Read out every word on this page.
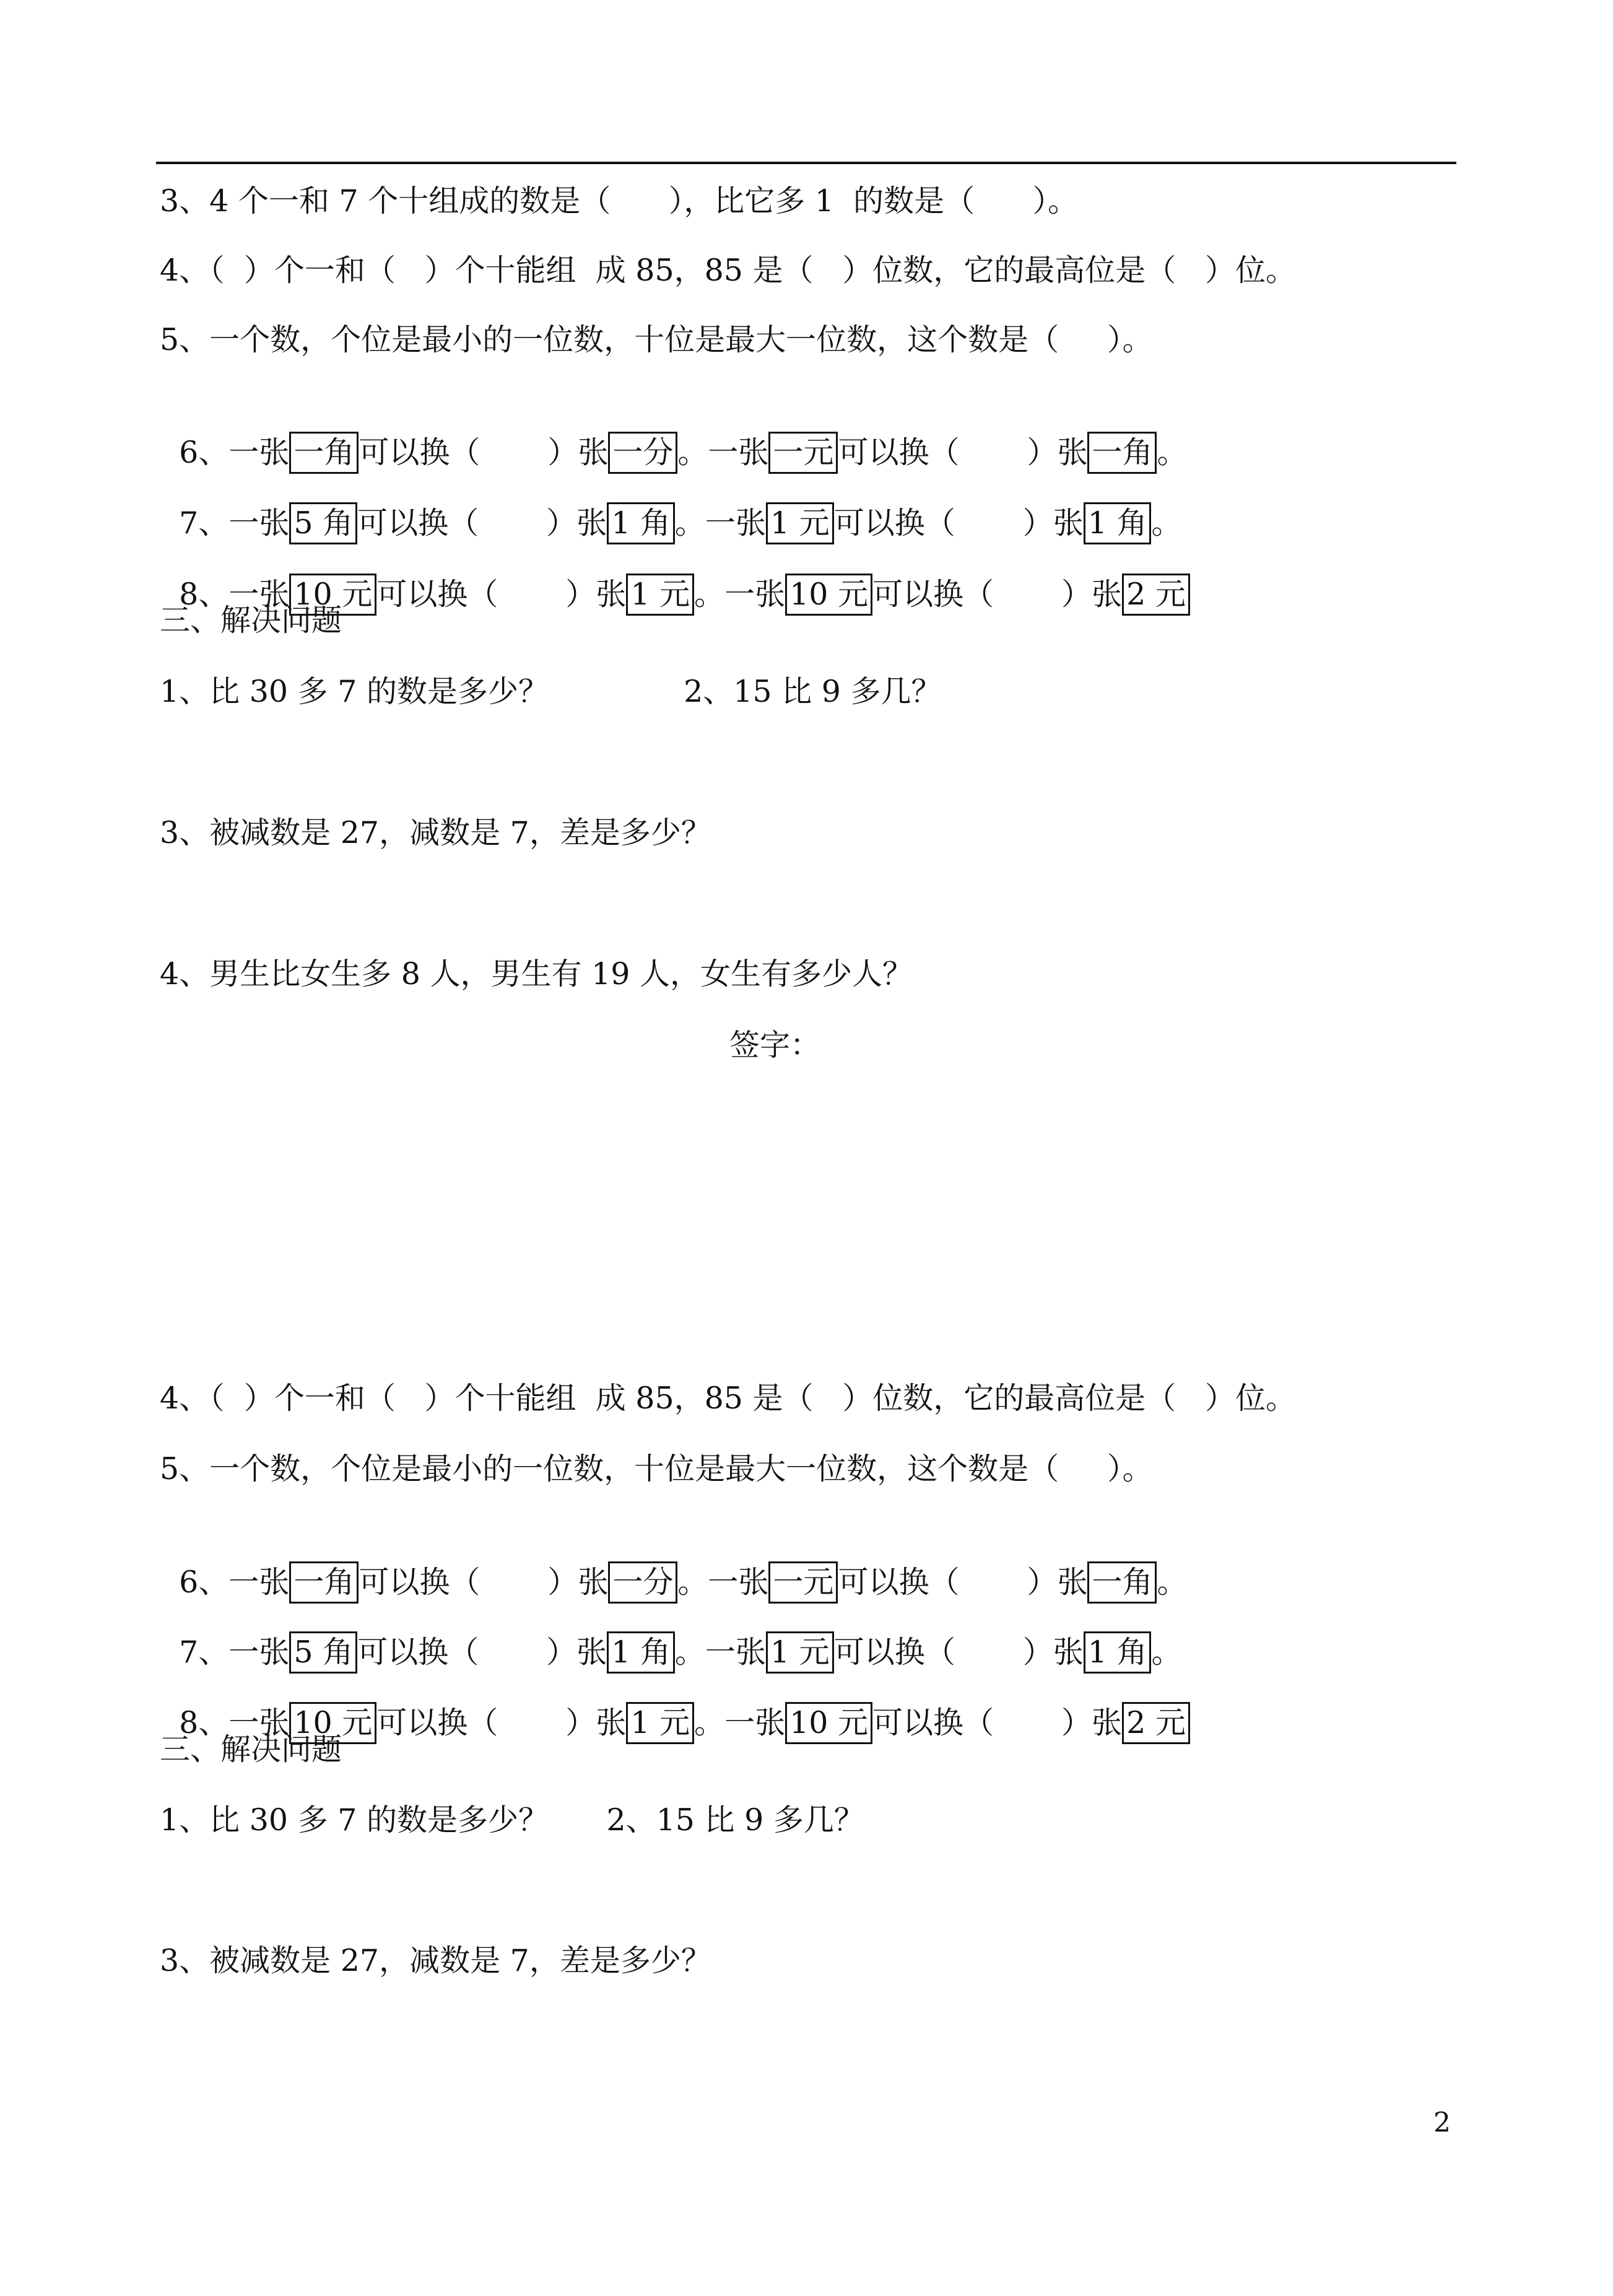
3、4 个一和 7 个十组成的数是（      ），比它多 1  的数是（      ）。
4、（  ）个一和（   ）个十能组  成 85，85 是（   ）位数，它的最高位是（   ）位。
5、一个数，个位是最小的一位数，十位是最大一位数，这个数是（     ）。

6、一张 一角 可以换（       ）张 一分 。一张 一元 可以换（       ）张 一角 。

7、一张 5 角 可以换（       ）张 1 角 。一张 1 元 可以换（       ）张 1 角 。

8、一张 10 元 可以换（       ）张 1 元 。一张 10 元 可以换（       ）张 2 元

三、解决问题
1、比 30 多 7 的数是多少？              2、15 比 9 多几？
3、被减数是 27，减数是 7，差是多少？
4、男生比女生多 8 人，男生有 19 人，女生有多少人？
签字：
4、（  ）个一和（   ）个十能组  成 85，85 是（   ）位数，它的最高位是（   ）位。
5、一个数，个位是最小的一位数，十位是最大一位数，这个数是（     ）。

6、一张 一角 可以换（       ）张 一分 。一张 一元 可以换（       ）张 一角 。

7、一张 5 角 可以换（       ）张 1 角 。一张 1 元 可以换（       ）张 1 角 。

8、一张 10 元 可以换（       ）张 1 元 。一张 10 元 可以换（       ）张 2 元

三、解决问题
1、比 30 多 7 的数是多少？      2、15 比 9 多几？
3、被减数是 27，减数是 7，差是多少？
2
